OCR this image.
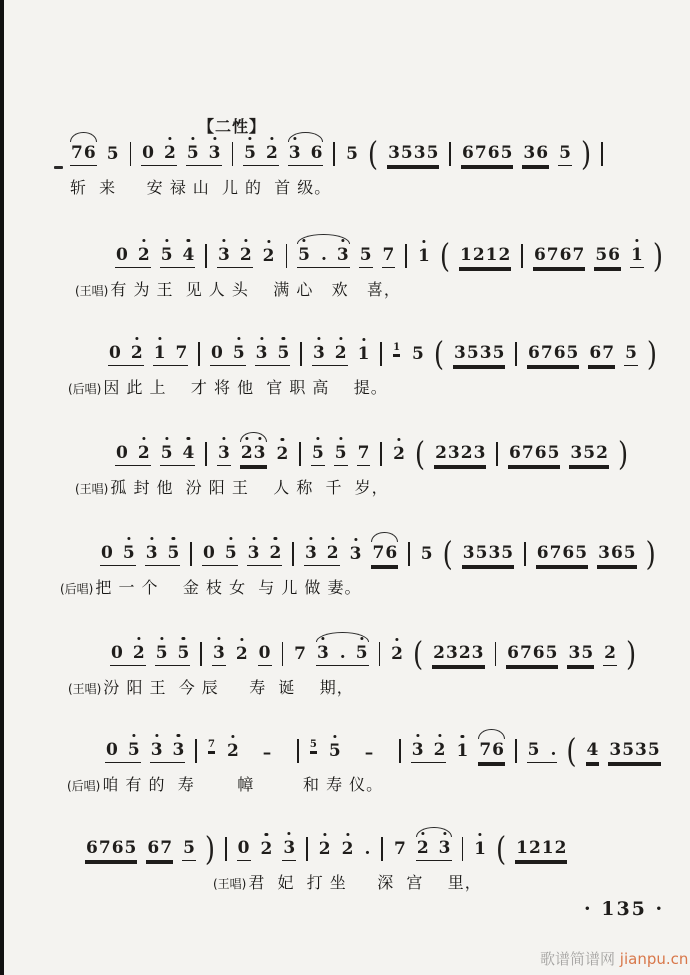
【二性】
7 6 5 0 2 5 3 5 2 3 6 5 ( 3 5 3 5 6 7 6 5 3 6 5 )
斩  来     安 禄 山  儿 的  首 级。
0 2 5 4 3 2 2 5 . 3 5 7 1 ( 1 2 1 2 6 7 6 7 5 6 1 )
(王唱) 有 为 王  见 人 头    满 心   欢   喜，
0 2 1 7 0 5 3 5 3 2 1 1 5 ( 3 5 3 5 6 7 6 5 6 7 5 )
(后唱) 因 此 上    才 将 他  官 职 高    提。
0 2 5 4 3 2 3 2 5 5 7 2 ( 2 3 2 3 6 7 6 5 3 5 2 )
(王唱) 孤 封 他  汾 阳 王    人 称  千  岁，
0 5 3 5 0 5 3 2 3 2 3 7 6 5 ( 3 5 3 5 6 7 6 5 3 6 5 )
(后唱) 把 一 个    金 枝 女  与 儿 做 妻。
0 2 5 5 3 2 0 7 3 . 5 2 ( 2 3 2 3 6 7 6 5 3 5 2 )
(王唱) 汾 阳 王  今 辰     寿  诞    期，
0 5 3 3 7 2	–	5 5	–	3 2 1 7 6 5 . ( 4 3 5 3 5
(后唱) 咱 有 的  寿       幛        和 寿 仪。
6 7 6 5 6 7 5 ) 0 2 3 2 2 . 7 2 3 1 ( 1 2 1 2
(王唱) 君  妃  打 坐     深  宫    里，
· 135 ·
歌谱简谱网 jianpu.cn
